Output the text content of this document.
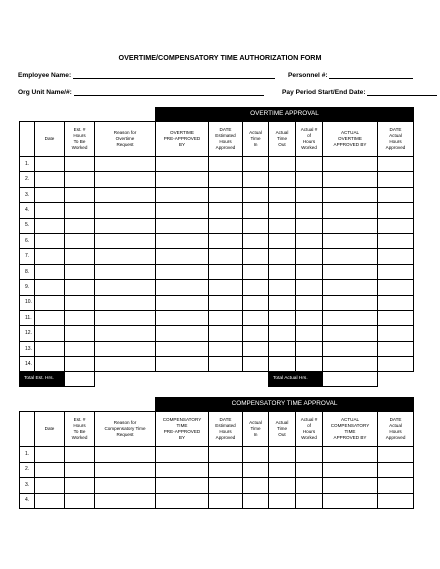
OVERTIME/COMPENSATORY TIME AUTHORIZATION FORM
Employee Name:	Personnel #:
Org Unit Name/#:	Pay Period Start/End Date:
				OVERTIME APPROVAL						
	Date	Est. #
Hours
To Be
Worked	Reason for
Overtime
Request	OVERTIME
PRE-APPROVED
BY	DATE
Estimated
Hours
Approved	Actual
Time
In	Actual
Time
Out	Actual #
of
Hours
Worked	ACTUAL
OVERTIME
APPROVED BY	DATE
Actual
Hours
Approved
1.										
2.										
3.										
4.										
5.										
6.										
7.										
8.										
9.										
10.										
11.										
12.										
13.										
14.										
Total Est. Hrs.							Total Actual Hrs.			
				COMPENSATORY TIME APPROVAL						
	Date	Est. #
Hours
To Be
Worked	Reason for
Compensatory Time
Request	COMPENSATORY
TIME
PRE-APPROVED
BY	DATE
Estimated
Hours
Approved	Actual
Time
In	Actual
Time
Out	Actual #
of
Hours
Worked	ACTUAL
COMPENSATORY
TIME
APPROVED BY	DATE
Actual
Hours
Approved
1.										
2.										
3.										
4.										
